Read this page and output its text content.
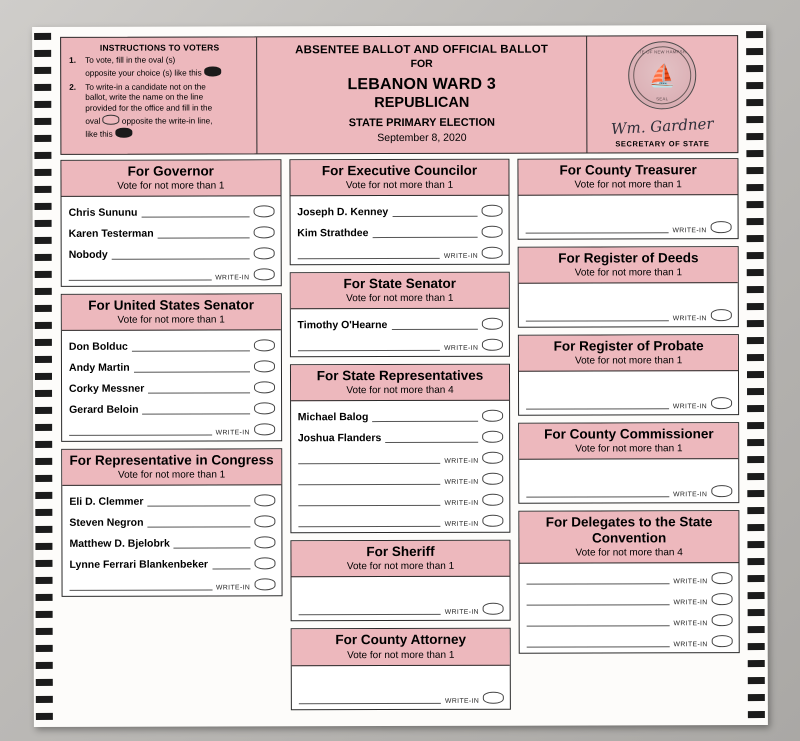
INSTRUCTIONS TO VOTERS
1. To vote, fill in the oval (s)
opposite your choice (s) like this
2. To write-in a candidate not on the
ballot, write the name on the line
provided for the office and fill in the
oval	opposite the write-in line,
like this
ABSENTEE BALLOT AND OFFICIAL BALLOT
FOR
LEBANON WARD 3
REPUBLICAN
STATE PRIMARY ELECTION
September 8, 2020
STATE OF NEW HAMPSHIRE
⛵
SEAL
Wm. Gardner
SECRETARY OF STATE
For Governor
Vote for not more than 1
Chris Sununu
Karen Testerman
Nobody
WRITE-IN
For United States Senator
Vote for not more than 1
Don Bolduc
Andy Martin
Corky Messner
Gerard Beloin
WRITE-IN
For Representative in Congress
Vote for not more than 1
Eli D. Clemmer
Steven Negron
Matthew D. Bjelobrk
Lynne Ferrari Blankenbeker
WRITE-IN
For Executive Councilor
Vote for not more than 1
Joseph D. Kenney
Kim Strathdee
WRITE-IN
For State Senator
Vote for not more than 1
Timothy O'Hearne
WRITE-IN
For State Representatives
Vote for not more than 4
Michael Balog
Joshua Flanders
WRITE-IN
WRITE-IN
WRITE-IN
WRITE-IN
For Sheriff
Vote for not more than 1
WRITE-IN
For County Attorney
Vote for not more than 1
WRITE-IN
For County Treasurer
Vote for not more than 1
WRITE-IN
For Register of Deeds
Vote for not more than 1
WRITE-IN
For Register of Probate
Vote for not more than 1
WRITE-IN
For County Commissioner
Vote for not more than 1
WRITE-IN
For Delegates to the State Convention
Vote for not more than 4
WRITE-IN
WRITE-IN
WRITE-IN
WRITE-IN
